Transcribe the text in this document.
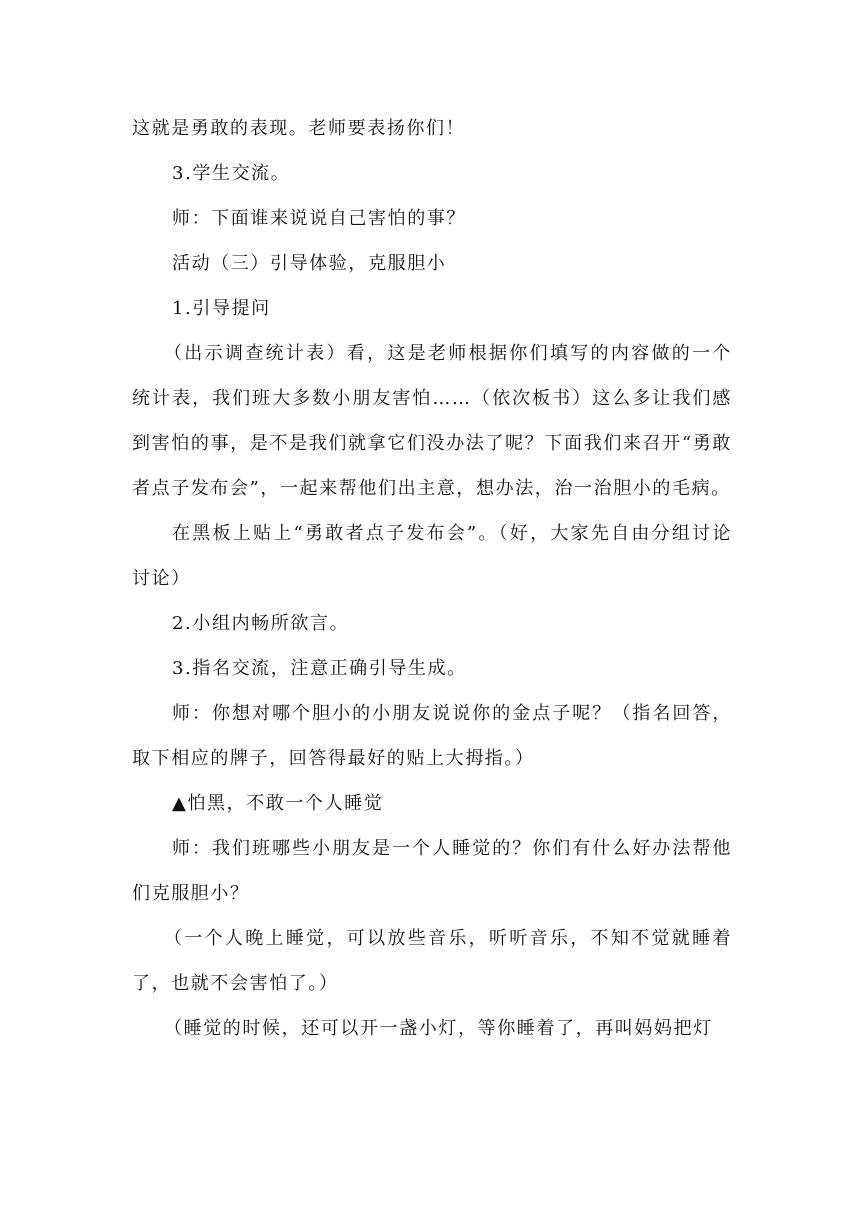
这就是勇敢的表现。老师要表扬你们！

3.学生交流。

师：下面谁来说说自己害怕的事？

活动（三）引导体验，克服胆小

1.引导提问

（出示调查统计表）看，这是老师根据你们填写的内容做的一个统计表，我们班大多数小朋友害怕……（依次板书）这么多让我们感到害怕的事，是不是我们就拿它们没办法了呢？下面我们来召开“勇敢者点子发布会”，一起来帮他们出主意，想办法，治一治胆小的毛病。

在黑板上贴上“勇敢者点子发布会”。（好，大家先自由分组讨论讨论）

2.小组内畅所欲言。

3.指名交流，注意正确引导生成。

师：你想对哪个胆小的小朋友说说你的金点子呢？（指名回答，取下相应的牌子，回答得最好的贴上大拇指。）

▲怕黑，不敢一个人睡觉

师：我们班哪些小朋友是一个人睡觉的？你们有什么好办法帮他们克服胆小？

（一个人晚上睡觉，可以放些音乐，听听音乐，不知不觉就睡着了，也就不会害怕了。）

（睡觉的时候，还可以开一盏小灯，等你睡着了，再叫妈妈把灯
